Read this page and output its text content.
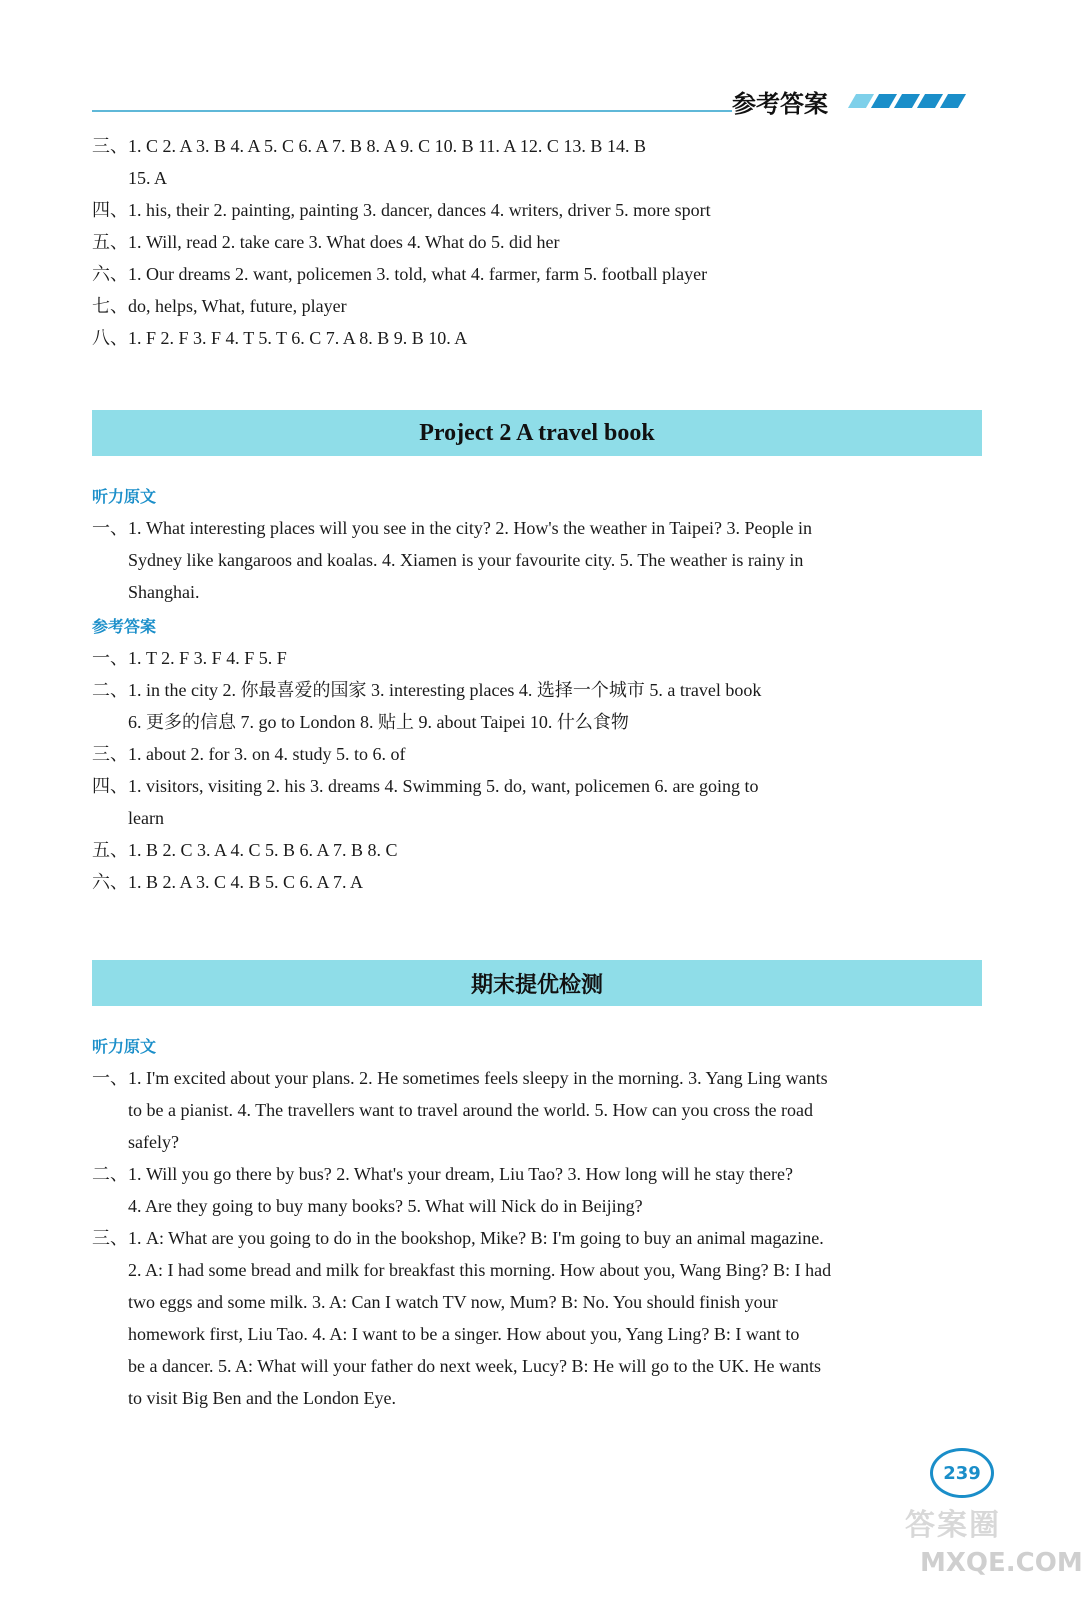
参考答案
三、1. C 2. A 3. B 4. A 5. C 6. A 7. B 8. A 9. C 10. B 11. A 12. C 13. B 14. B
15. A
四、1. his, their 2. painting, painting 3. dancer, dances 4. writers, driver 5. more sport
五、1. Will, read 2. take care 3. What does 4. What do 5. did her
六、1. Our dreams 2. want, policemen 3. told, what 4. farmer, farm 5. football player
七、do, helps, What, future, player
八、1. F 2. F 3. F 4. T 5. T 6. C 7. A 8. B 9. B 10. A
Project 2 A travel book
听力原文
一、1. What interesting places will you see in the city? 2. How's the weather in Taipei? 3. People in
Sydney like kangaroos and koalas. 4. Xiamen is your favourite city. 5. The weather is rainy in
Shanghai.
参考答案
一、1. T 2. F 3. F 4. F 5. F
二、1. in the city 2. 你最喜爱的国家 3. interesting places 4. 选择一个城市 5. a travel book
6. 更多的信息 7. go to London 8. 贴上 9. about Taipei 10. 什么食物
三、1. about 2. for 3. on 4. study 5. to 6. of
四、1. visitors, visiting 2. his 3. dreams 4. Swimming 5. do, want, policemen 6. are going to
learn
五、1. B 2. C 3. A 4. C 5. B 6. A 7. B 8. C
六、1. B 2. A 3. C 4. B 5. C 6. A 7. A
期末提优检测
听力原文
一、1. I'm excited about your plans. 2. He sometimes feels sleepy in the morning. 3. Yang Ling wants
to be a pianist. 4. The travellers want to travel around the world. 5. How can you cross the road
safely?
二、1. Will you go there by bus? 2. What's your dream, Liu Tao? 3. How long will he stay there?
4. Are they going to buy many books? 5. What will Nick do in Beijing?
三、1. A: What are you going to do in the bookshop, Mike? B: I'm going to buy an animal magazine.
2. A: I had some bread and milk for breakfast this morning. How about you, Wang Bing? B: I had
two eggs and some milk. 3. A: Can I watch TV now, Mum? B: No. You should finish your
homework first, Liu Tao. 4. A: I want to be a singer. How about you, Yang Ling? B: I want to
be a dancer. 5. A: What will your father do next week, Lucy? B: He will go to the UK. He wants
to visit Big Ben and the London Eye.
239
答案圈
MXQE.COM
